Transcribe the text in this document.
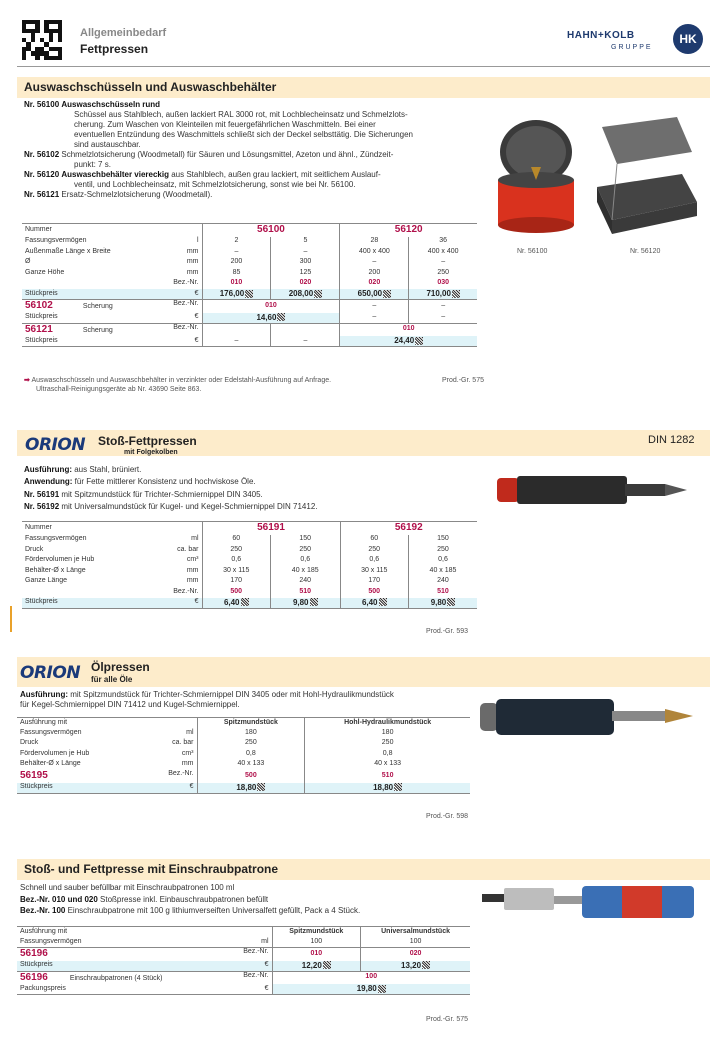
Allgemeinbedarf
Fettpressen
HAHN+KOLB
GRUPPE
HK
Auswaschschüsseln und Auswaschbehälter
Nr. 56100 Auswaschschüsseln rund
Schüssel aus Stahlblech, außen lackiert RAL 3000 rot, mit Lochblecheinsatz und Schmelzlots-
cherung. Zum Waschen von Kleinteilen mit feuergefährlichen Waschmitteln. Bei einer
eventuellen Entzündung des Waschmittels schließt sich der Deckel selbsttätig. Die Sicherungen
sind austauschbar.
Nr. 56102 Schmelzlotsicherung (Woodmetall) für Säuren und Lösungsmittel, Azeton und ähnl., Zündzeit-
punkt: 7 s.
Nr. 56120 Auswaschbehälter viereckig aus Stahlblech, außen grau lackiert, mit seitlichem Auslauf-
ventil, und Lochblecheinsatz, mit Schmelzlotsicherung, sonst wie bei Nr. 56100.
Nr. 56121 Ersatz-Schmelzlotsicherung (Woodmetall).
Nr. 56100	Nr. 56120
Nummer	56100		56120	
Fassungsvermögen l	2	5	28	36
Außenmaße Länge x Breite mm	–	–	400 x 400	400 x 400
Ø mm	200	300	–	–
Ganze Höhe mm	85	125	200	250
Bez.-Nr.	010	020	020	030
Stückpreis €	176,00	208,00	650,00	710,00
56102 Scherung Bez.-Nr.	010		–	–
Stückpreis €	14,60		–	–
56121 Scherung Bez.-Nr.			010	
Stückpreis €	–	–	24,40	
➡ Auswaschschüsseln und Auswaschbehälter in verzinkter oder Edelstahl-Ausführung auf Anfrage.	Prod.-Gr. 575
Ultraschall-Reinigungsgeräte ab Nr. 43690 Seite 863.
ORION Stoß-Fettpressen
mit Folgekolben
DIN 1282
Ausführung: aus Stahl, brüniert.
Anwendung: für Fette mittlerer Konsistenz und hochviskose Öle.
Nr. 56191 mit Spitzmundstück für Trichter-Schmiernippel DIN 3405.
Nr. 56192 mit Universalmundstück für Kugel- und Kegel-Schmiernippel DIN 71412.
Nummer	56191		56192	
Fassungsvermögen ml	60	150	60	150
Druck ca. bar	250	250	250	250
Fördervolumen je Hub cm³	0,6	0,6	0,6	0,6
Behälter-Ø x Länge mm	30 x 115	40 x 185	30 x 115	40 x 185
Ganze Länge mm	170	240	170	240
Bez.-Nr.	500	510	500	510
Stückpreis €	6,40	9,80	6,40	9,80
Prod.-Gr. 593
ORION Ölpressen
für alle Öle
Ausführung: mit Spitzmundstück für Trichter-Schmiernippel DIN 3405 oder mit Hohl-Hydraulikmundstück
für Kegel-Schmiernippel DIN 71412 und Kugel-Schmiernippel.
Ausführung mit	Spitzmundstück	Hohl-Hydraulikmundstück
Fassungsvermögen ml	180	180
Druck ca. bar	250	250
Fördervolumen je Hub cm³	0,8	0,8
Behälter-Ø x Länge mm	40 x 133	40 x 133
56195 Bez.-Nr.	500	510
Stückpreis €	18,80	18,80
Prod.-Gr. 598
Stoß- und Fettpresse mit Einschraubpatrone
Schnell und sauber befüllbar mit Einschraubpatronen 100 ml
Bez.-Nr. 010 und 020 Stoßpresse inkl. Einbauschraubpatronen befüllt
Bez.-Nr. 100 Einschraubpatrone mit 100 g lithiumverseiften Universalfett gefüllt, Pack a 4 Stück.
Ausführung mit	Spitzmundstück	Universalmundstück
Fassungsvermögen ml	100	100
56196 Bez.-Nr.	010	020
Stückpreis €	12,20	13,20
56196 Einschraubpatronen (4 Stück) Bez.-Nr.	100	
Packungspreis €	19,80	
Prod.-Gr. 575
